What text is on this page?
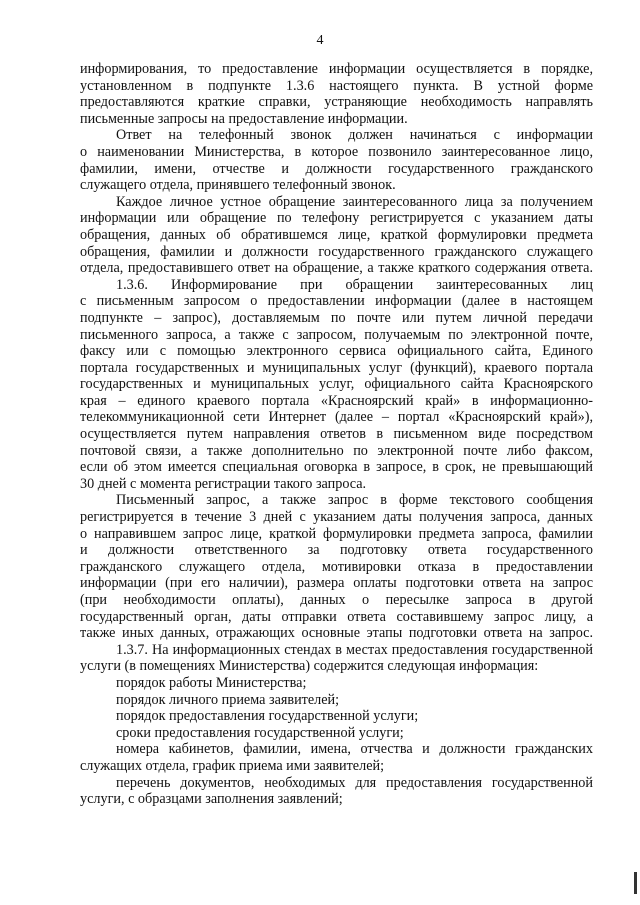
4
информирования, то предоставление информации осуществляется в порядке,
установленном в подпункте 1.3.6 настоящего пункта. В устной форме
предоставляются краткие справки, устраняющие необходимость направлять
письменные запросы на предоставление информации.
Ответ на телефонный звонок должен начинаться с информации
о наименовании Министерства, в которое позвонило заинтересованное лицо,
фамилии, имени, отчестве и должности государственного гражданского
служащего отдела, принявшего телефонный звонок.
Каждое личное устное обращение заинтересованного лица за получением
информации или обращение по телефону регистрируется с указанием даты
обращения, данных об обратившемся лице, краткой формулировки предмета
обращения, фамилии и должности государственного гражданского служащего
отдела, предоставившего ответ на обращение, а также краткого содержания ответа.
1.3.6. Информирование при обращении заинтересованных лиц
с письменным запросом о предоставлении информации (далее в настоящем
подпункте – запрос), доставляемым по почте или путем личной передачи
письменного запроса, а также с запросом, получаемым по электронной почте,
факсу или с помощью электронного сервиса официального сайта, Единого
портала государственных и муниципальных услуг (функций), краевого портала
государственных и муниципальных услуг, официального сайта Красноярского
края – единого краевого портала «Красноярский край» в информационно-
телекоммуникационной сети Интернет (далее – портал «Красноярский край»),
осуществляется путем направления ответов в письменном виде посредством
почтовой связи, а также дополнительно по электронной почте либо факсом,
если об этом имеется специальная оговорка в запросе, в срок, не превышающий
30 дней с момента регистрации такого запроса.
Письменный запрос, а также запрос в форме текстового сообщения
регистрируется в течение 3 дней с указанием даты получения запроса, данных
о направившем запрос лице, краткой формулировки предмета запроса, фамилии
и должности ответственного за подготовку ответа государственного
гражданского служащего отдела, мотивировки отказа в предоставлении
информации (при его наличии), размера оплаты подготовки ответа на запрос
(при необходимости оплаты), данных о пересылке запроса в другой
государственный орган, даты отправки ответа составившему запрос лицу, а
также иных данных, отражающих основные этапы подготовки ответа на запрос.
1.3.7. На информационных стендах в местах предоставления государственной
услуги (в помещениях Министерства) содержится следующая информация:
порядок работы Министерства;
порядок личного приема заявителей;
порядок предоставления государственной услуги;
сроки предоставления государственной услуги;
номера кабинетов, фамилии, имена, отчества и должности гражданских
служащих отдела, график приема ими заявителей;
перечень документов, необходимых для предоставления государственной
услуги, с образцами заполнения заявлений;
